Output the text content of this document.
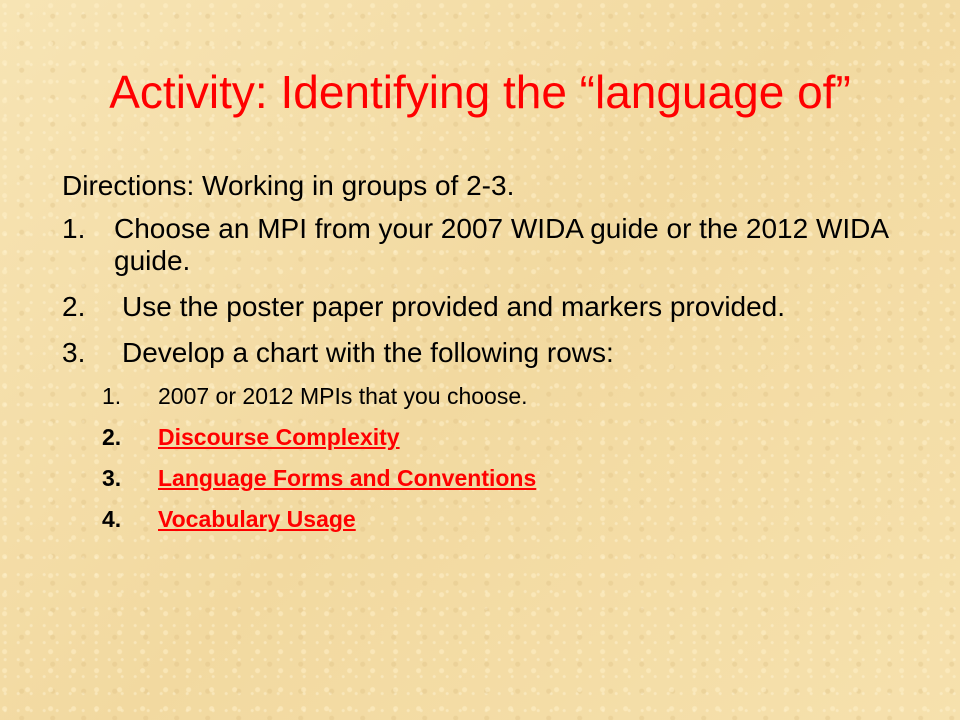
Activity: Identifying the “language of”

Directions: Working in groups of 2-3.

1.	Choose an MPI from your 2007 WIDA guide or the 2012 WIDA guide.
2.	Use the poster paper provided and markers provided.
3.	Develop a chart with the following rows:
1.	2007 or 2012 MPIs that you choose.
2.	Discourse Complexity
3.	Language Forms and Conventions
4.	Vocabulary Usage
